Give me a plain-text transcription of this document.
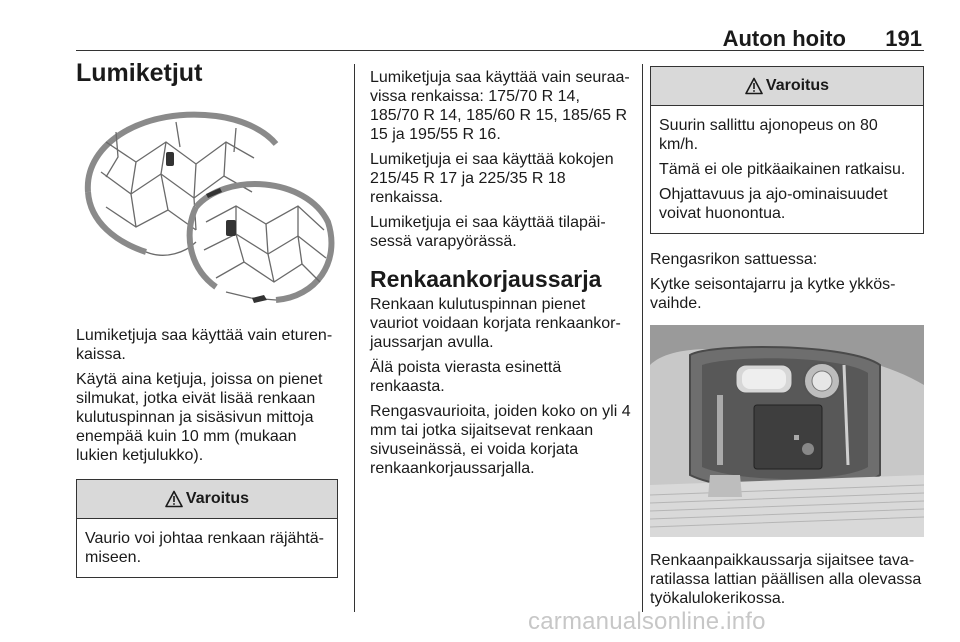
Auton hoito 191
Lumiketjut

Lumiketjuja saa käyttää vain eturen-kaissa.

Käytä aina ketjuja, joissa on pienet silmukat, jotka eivät lisää renkaan kulutuspinnan ja sisäsivun mittoja enempää kuin 10 mm (mukaan lukien ketjulukko).

Varoitus

Vaurio voi johtaa renkaan räjähtä-miseen.

Lumiketjuja saa käyttää vain seuraa-vissa renkaissa: 175/70 R 14, 185/70 R 14, 185/60 R 15, 185/65 R 15 ja 195/55 R 16.

Lumiketjuja ei saa käyttää kokojen 215/45 R 17 ja 225/35 R 18 renkaissa.

Lumiketjuja ei saa käyttää tilapäi-sessä varapyörässä.

Renkaankorjaussarja

Renkaan kulutuspinnan pienet vauriot voidaan korjata renkaankor-jaussarjan avulla.

Älä poista vierasta esinettä renkaasta.

Rengasvaurioita, joiden koko on yli 4 mm tai jotka sijaitsevat renkaan sivuseinässä, ei voida korjata renkaankorjaussarjalla.

Varoitus

Suurin sallittu ajonopeus on 80 km/h.

Tämä ei ole pitkäaikainen ratkaisu.

Ohjattavuus ja ajo-ominaisuudet voivat huonontua.

Rengasrikon sattuessa:

Kytke seisontajarru ja kytke ykkös-vaihde.

Renkaanpaikkaussarja sijaitsee tava-ratilassa lattian päällisen alla olevassa työkalulokerikossa.

carmanualsonline.info
